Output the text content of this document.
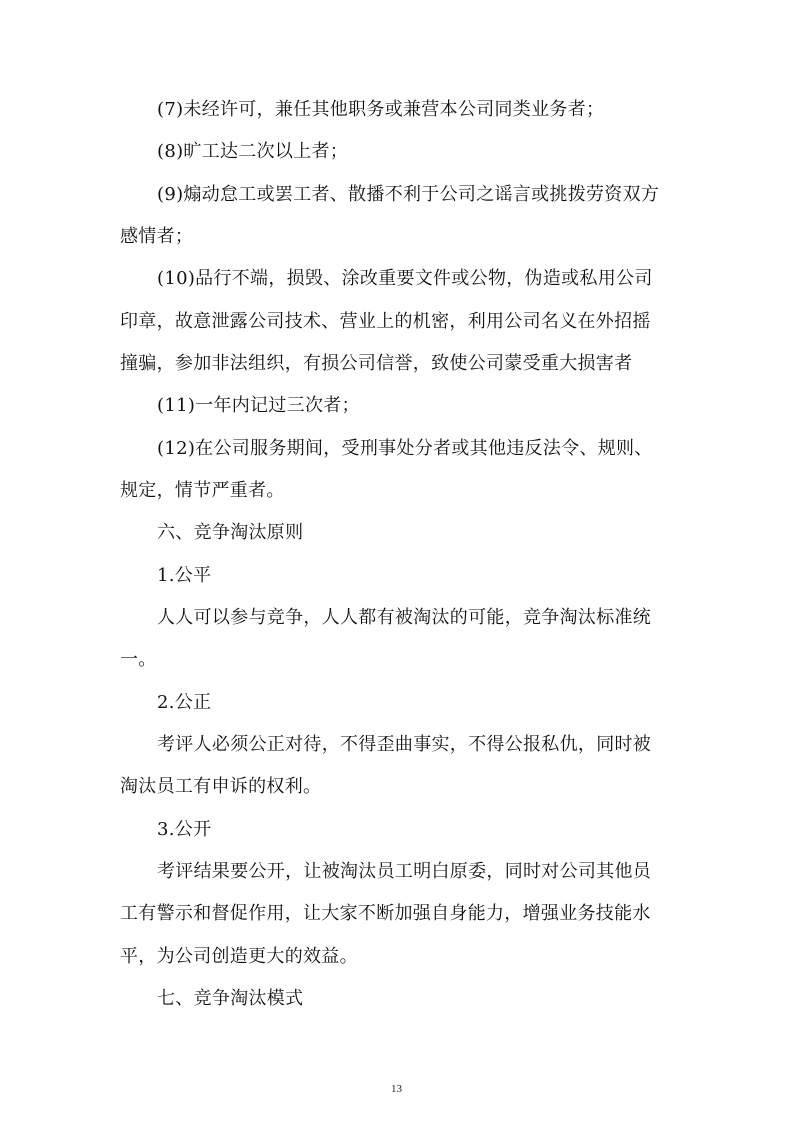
(7)未经许可，兼任其他职务或兼营本公司同类业务者；
(8)旷工达二次以上者；
(9)煽动怠工或罢工者、散播不利于公司之谣言或挑拨劳资双方
感情者；
(10)品行不端，损毁、涂改重要文件或公物，伪造或私用公司
印章，故意泄露公司技术、营业上的机密，利用公司名义在外招摇
撞骗，参加非法组织，有损公司信誉，致使公司蒙受重大损害者
(11)一年内记过三次者；
(12)在公司服务期间，受刑事处分者或其他违反法令、规则、
规定，情节严重者。
六、竞争淘汰原则
1.公平
人人可以参与竞争，人人都有被淘汰的可能，竞争淘汰标准统
一。
2.公正
考评人必须公正对待，不得歪曲事实，不得公报私仇，同时被
淘汰员工有申诉的权利。
3.公开
考评结果要公开，让被淘汰员工明白原委，同时对公司其他员
工有警示和督促作用，让大家不断加强自身能力，增强业务技能水
平，为公司创造更大的效益。
七、竞争淘汰模式
13
